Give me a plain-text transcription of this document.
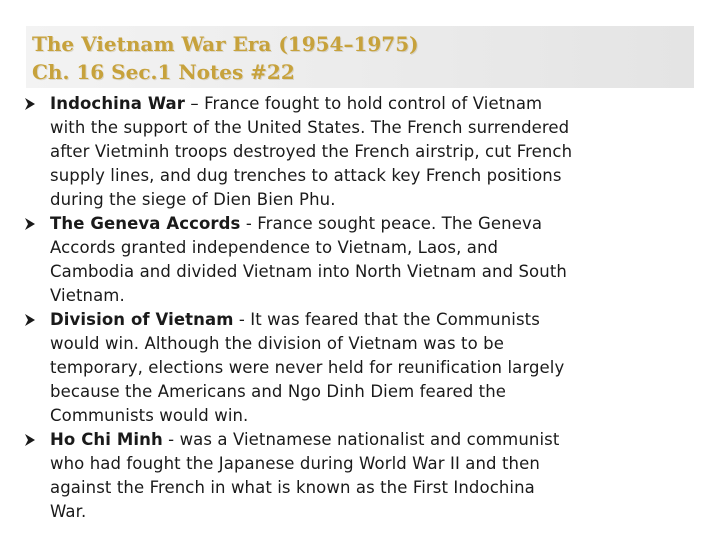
The Vietnam War Era (1954–1975)
Ch. 16 Sec.1 Notes #22
Indochina War – France fought to hold control of Vietnam
with the support of the United States. The French surrendered
after Vietminh troops destroyed the French airstrip, cut French
supply lines, and dug trenches to attack key French positions
during the siege of Dien Bien Phu.
The Geneva Accords - France sought peace. The Geneva
Accords granted independence to Vietnam, Laos, and
Cambodia and divided Vietnam into North Vietnam and South
Vietnam.
Division of Vietnam - It was feared that the Communists
would win. Although the division of Vietnam was to be
temporary, elections were never held for reunification largely
because the Americans and Ngo Dinh Diem feared the
Communists would win.
Ho Chi Minh - was a Vietnamese nationalist and communist
who had fought the Japanese during World War II and then
against the French in what is known as the First Indochina
War.
